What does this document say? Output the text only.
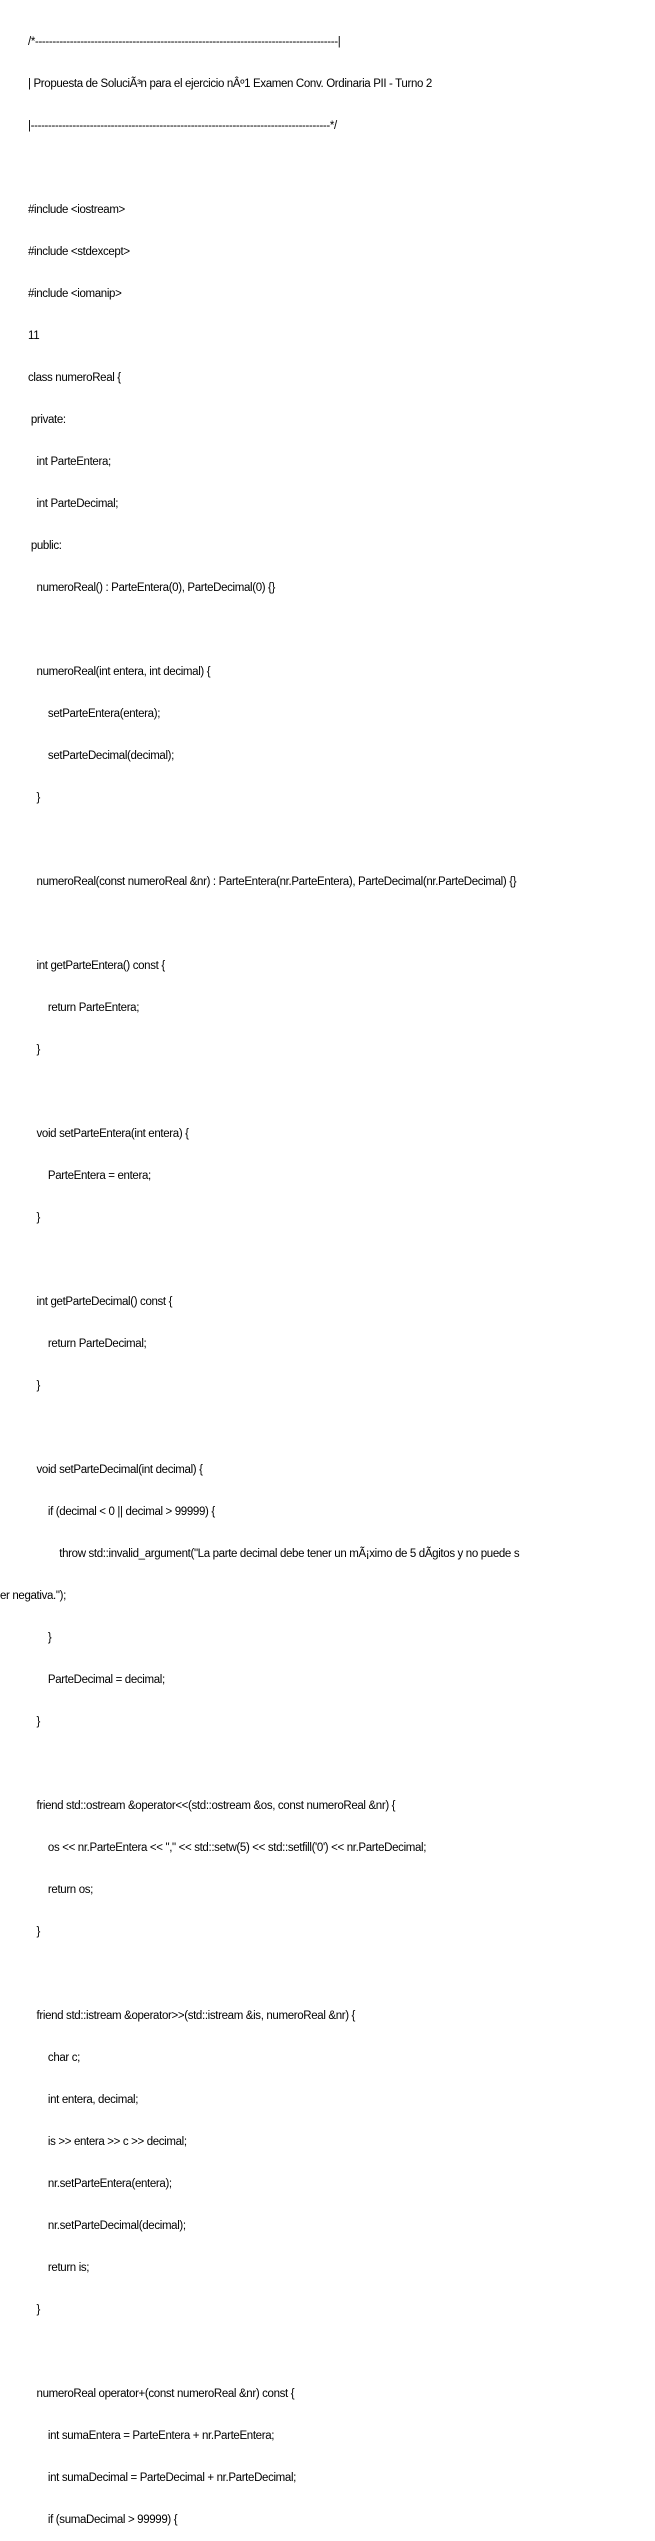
/*---------------------------------------------------------------------------------------|

| Propuesta de SoluciÃ³n para el ejercicio nÂº1 Examen Conv. Ordinaria PII - Turno 2

|--------------------------------------------------------------------------------------*/

#include <iostream>

#include <stdexcept>

#include <iomanip>

11

class numeroReal {

private:

int ParteEntera;

int ParteDecimal;

public:

numeroReal() : ParteEntera(0), ParteDecimal(0) {}

numeroReal(int entera, int decimal) {

setParteEntera(entera);

setParteDecimal(decimal);

}

numeroReal(const numeroReal &nr) : ParteEntera(nr.ParteEntera), ParteDecimal(nr.ParteDecimal) {}

int getParteEntera() const {

return ParteEntera;

}

void setParteEntera(int entera) {

ParteEntera = entera;

}

int getParteDecimal() const {

return ParteDecimal;

}

void setParteDecimal(int decimal) {

if (decimal < 0 || decimal > 99999) {

throw std::invalid_argument("La parte decimal debe tener un mÃ¡ximo de 5 dÃgitos y no puede s

er negativa.");

}

ParteDecimal = decimal;

}

friend std::ostream &operator<<(std::ostream &os, const numeroReal &nr) {

os << nr.ParteEntera << "," << std::setw(5) << std::setfill('0') << nr.ParteDecimal;

return os;

}

friend std::istream &operator>>(std::istream &is, numeroReal &nr) {

char c;

int entera, decimal;

is >> entera >> c >> decimal;

nr.setParteEntera(entera);

nr.setParteDecimal(decimal);

return is;

}

numeroReal operator+(const numeroReal &nr) const {

int sumaEntera = ParteEntera + nr.ParteEntera;

int sumaDecimal = ParteDecimal + nr.ParteDecimal;

if (sumaDecimal > 99999) {
